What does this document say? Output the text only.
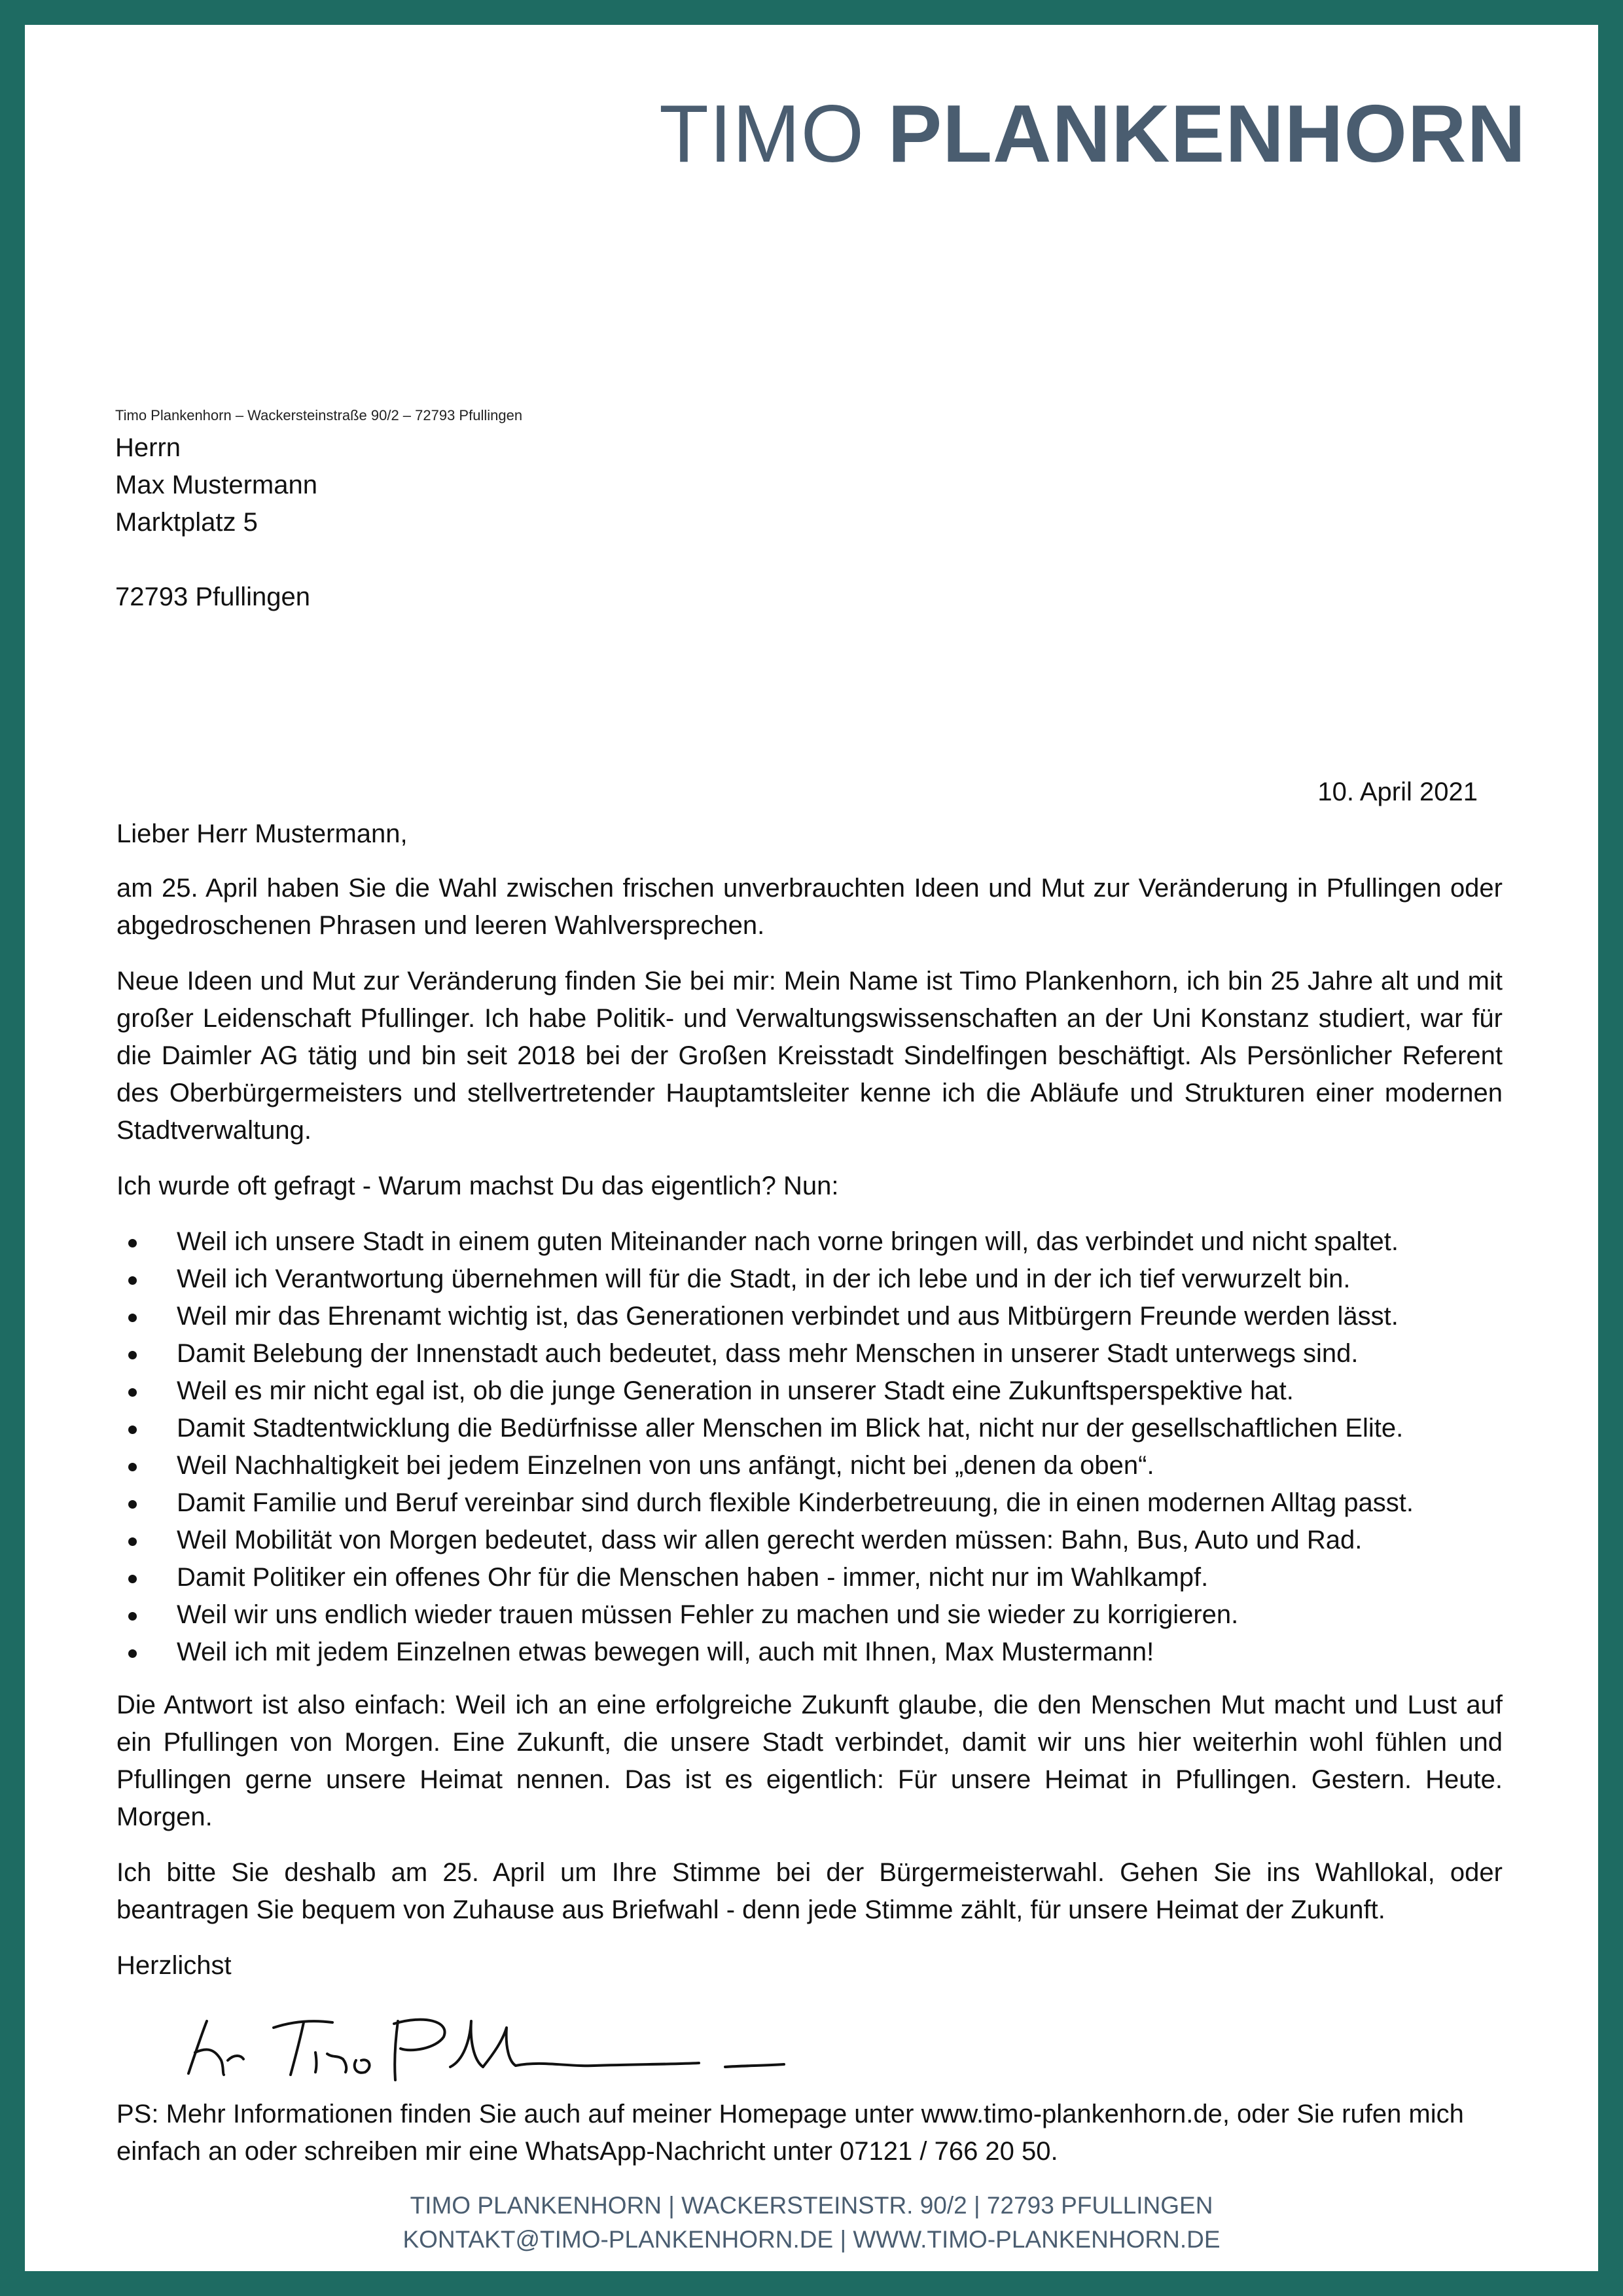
TIMO PLANKENHORN
Timo Plankenhorn – Wackersteinstraße 90/2 – 72793 Pfullingen
Herrn
Max Mustermann
Marktplatz 5
72793 Pfullingen
10. April 2021

Lieber Herr Mustermann,

am 25. April haben Sie die Wahl zwischen frischen unverbrauchten Ideen und Mut zur Veränderung in Pfullingen oder abgedroschenen Phrasen und leeren Wahlversprechen.

Neue Ideen und Mut zur Veränderung finden Sie bei mir: Mein Name ist Timo Plankenhorn, ich bin 25 Jahre alt und mit großer Leidenschaft Pfullinger. Ich habe Politik- und Verwaltungswissenschaften an der Uni Konstanz studiert, war für die Daimler AG tätig und bin seit 2018 bei der Großen Kreisstadt Sindelfingen beschäftigt. Als Persönlicher Referent des Oberbürgermeisters und stellvertretender Hauptamtsleiter kenne ich die Abläufe und Strukturen einer modernen Stadtverwaltung.

Ich wurde oft gefragt - Warum machst Du das eigentlich? Nun:

Weil ich unsere Stadt in einem guten Miteinander nach vorne bringen will, das verbindet und nicht spaltet.
Weil ich Verantwortung übernehmen will für die Stadt, in der ich lebe und in der ich tief verwurzelt bin.
Weil mir das Ehrenamt wichtig ist, das Generationen verbindet und aus Mitbürgern Freunde werden lässt.
Damit Belebung der Innenstadt auch bedeutet, dass mehr Menschen in unserer Stadt unterwegs sind.
Weil es mir nicht egal ist, ob die junge Generation in unserer Stadt eine Zukunftsperspektive hat.
Damit Stadtentwicklung die Bedürfnisse aller Menschen im Blick hat, nicht nur der gesellschaftlichen Elite.
Weil Nachhaltigkeit bei jedem Einzelnen von uns anfängt, nicht bei „denen da oben“.
Damit Familie und Beruf vereinbar sind durch flexible Kinderbetreuung, die in einen modernen Alltag passt.
Weil Mobilität von Morgen bedeutet, dass wir allen gerecht werden müssen: Bahn, Bus, Auto und Rad.
Damit Politiker ein offenes Ohr für die Menschen haben - immer, nicht nur im Wahlkampf.
Weil wir uns endlich wieder trauen müssen Fehler zu machen und sie wieder zu korrigieren.
Weil ich mit jedem Einzelnen etwas bewegen will, auch mit Ihnen, Max Mustermann!

Die Antwort ist also einfach: Weil ich an eine erfolgreiche Zukunft glaube, die den Menschen Mut macht und Lust auf ein Pfullingen von Morgen. Eine Zukunft, die unsere Stadt verbindet, damit wir uns hier weiterhin wohl fühlen und Pfullingen gerne unsere Heimat nennen. Das ist es eigentlich: Für unsere Heimat in Pfullingen. Gestern. Heute. Morgen.

Ich bitte Sie deshalb am 25. April um Ihre Stimme bei der Bürgermeisterwahl. Gehen Sie ins Wahllokal, oder beantragen Sie bequem von Zuhause aus Briefwahl - denn jede Stimme zählt, für unsere Heimat der Zukunft.

Herzlichst

PS: Mehr Informationen finden Sie auch auf meiner Homepage unter www.timo-plankenhorn.de, oder Sie rufen mich einfach an oder schreiben mir eine WhatsApp-Nachricht unter 07121 / 766 20 50.
TIMO PLANKENHORN | WACKERSTEINSTR. 90/2 | 72793 PFULLINGEN
KONTAKT@TIMO-PLANKENHORN.DE | WWW.TIMO-PLANKENHORN.DE
